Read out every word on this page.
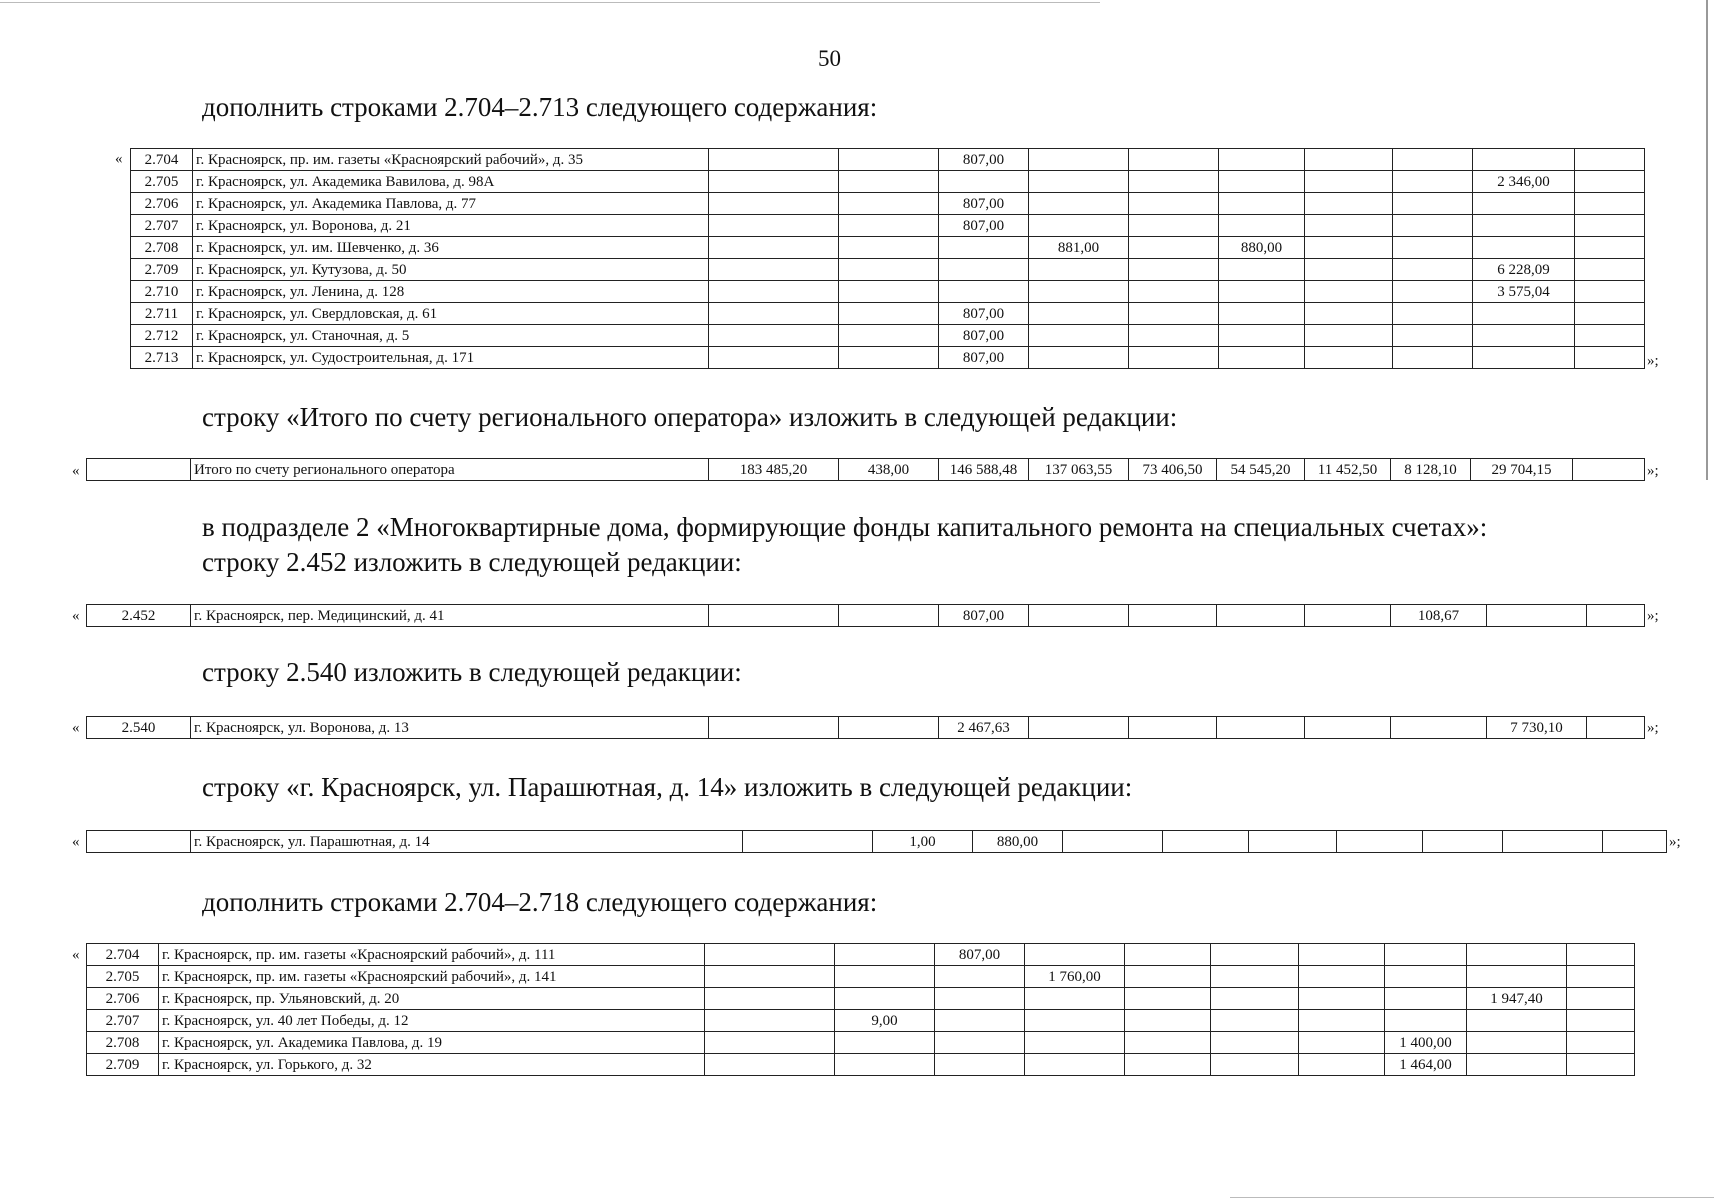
50
дополнить строками 2.704–2.713 следующего содержания:
« 2.704	г. Красноярск, пр. им. газеты «Красноярский рабочий», д. 35			807,00							
2.705	г. Красноярск, ул. Академика Вавилова, д. 98А									2 346,00	
2.706	г. Красноярск, ул. Академика Павлова, д. 77			807,00							
2.707	г. Красноярск, ул. Воронова, д. 21			807,00							
2.708	г. Красноярск, ул. им. Шевченко, д. 36				881,00		880,00				
2.709	г. Красноярск, ул. Кутузова, д. 50									6 228,09	
2.710	г. Красноярск, ул. Ленина, д. 128									3 575,04	
2.711	г. Красноярск, ул. Свердловская, д. 61			807,00							
2.712	г. Красноярск, ул. Станочная, д. 5			807,00							
2.713	г. Красноярск, ул. Судостроительная, д. 171			807,00								»;
строку «Итого по счету регионального оператора» изложить в следующей редакции:
«
		Итого по счету регионального оператора	183 485,20	438,00	146 588,48	137 063,55	73 406,50	54 545,20	11 452,50	8 128,10	29 704,15		»;
в подразделе 2 «Многоквартирные дома, формирующие фонды капитального ремонта на специальных счетах»:
строку 2.452 изложить в следующей редакции:
«	2.452	г. Красноярск, пер. Медицинский, д. 41			807,00					108,67			»;
строку 2.540 изложить в следующей редакции:
«	2.540	г. Красноярск, ул. Воронова, д. 13			2 467,63						7 730,10		»;
строку «г. Красноярск, ул. Парашютная, д. 14» изложить в следующей редакции:
«
		г. Красноярск, ул. Парашютная, д. 14		1,00	880,00								»;
дополнить строками 2.704–2.718 следующего содержания:
« 2.704	г. Красноярск, пр. им. газеты «Красноярский рабочий», д. 111			807,00							
2.705	г. Красноярск, пр. им. газеты «Красноярский рабочий», д. 141				1 760,00						
2.706	г. Красноярск, пр. Ульяновский, д. 20									1 947,40	
2.707	г. Красноярск, ул. 40 лет Победы, д. 12		9,00								
2.708	г. Красноярск, ул. Академика Павлова, д. 19								1 400,00		
2.709	г. Красноярск, ул. Горького, д. 32								1 464,00		
